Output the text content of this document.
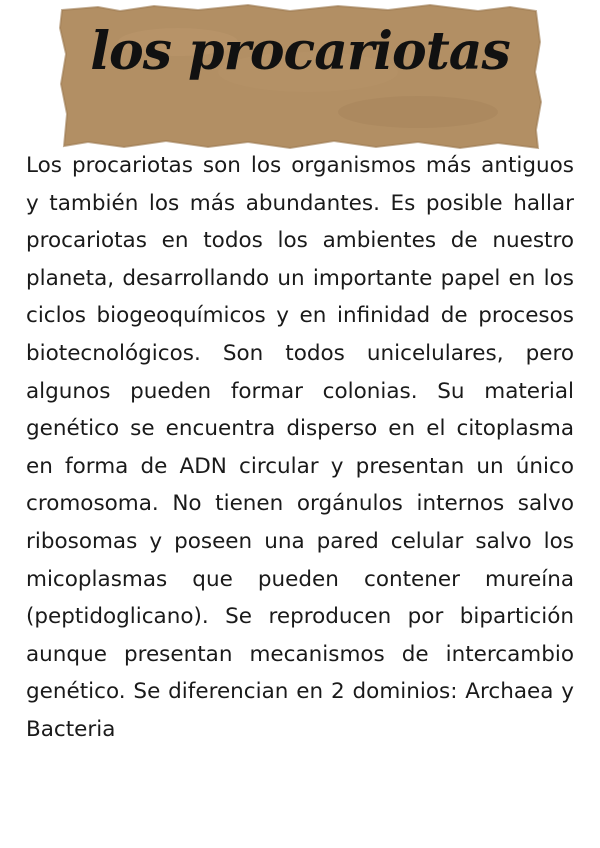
los procariotas

Los procariotas son los organismos más antiguos y también los más abundantes. Es posible hallar procariotas en todos los ambientes de nuestro planeta, desarrollando un importante papel en los ciclos biogeoquímicos y en infinidad de procesos biotecnológicos. Son todos unicelulares, pero algunos pueden formar colonias. Su material genético se encuentra disperso en el citoplasma en forma de ADN circular y presentan un único cromosoma. No tienen orgánulos internos salvo ribosomas y poseen una pared celular salvo los micoplasmas que pueden contener mureína (peptidoglicano). Se reproducen por bipartición aunque presentan mecanismos de intercambio genético. Se diferencian en 2 dominios: Archaea y Bacteria
